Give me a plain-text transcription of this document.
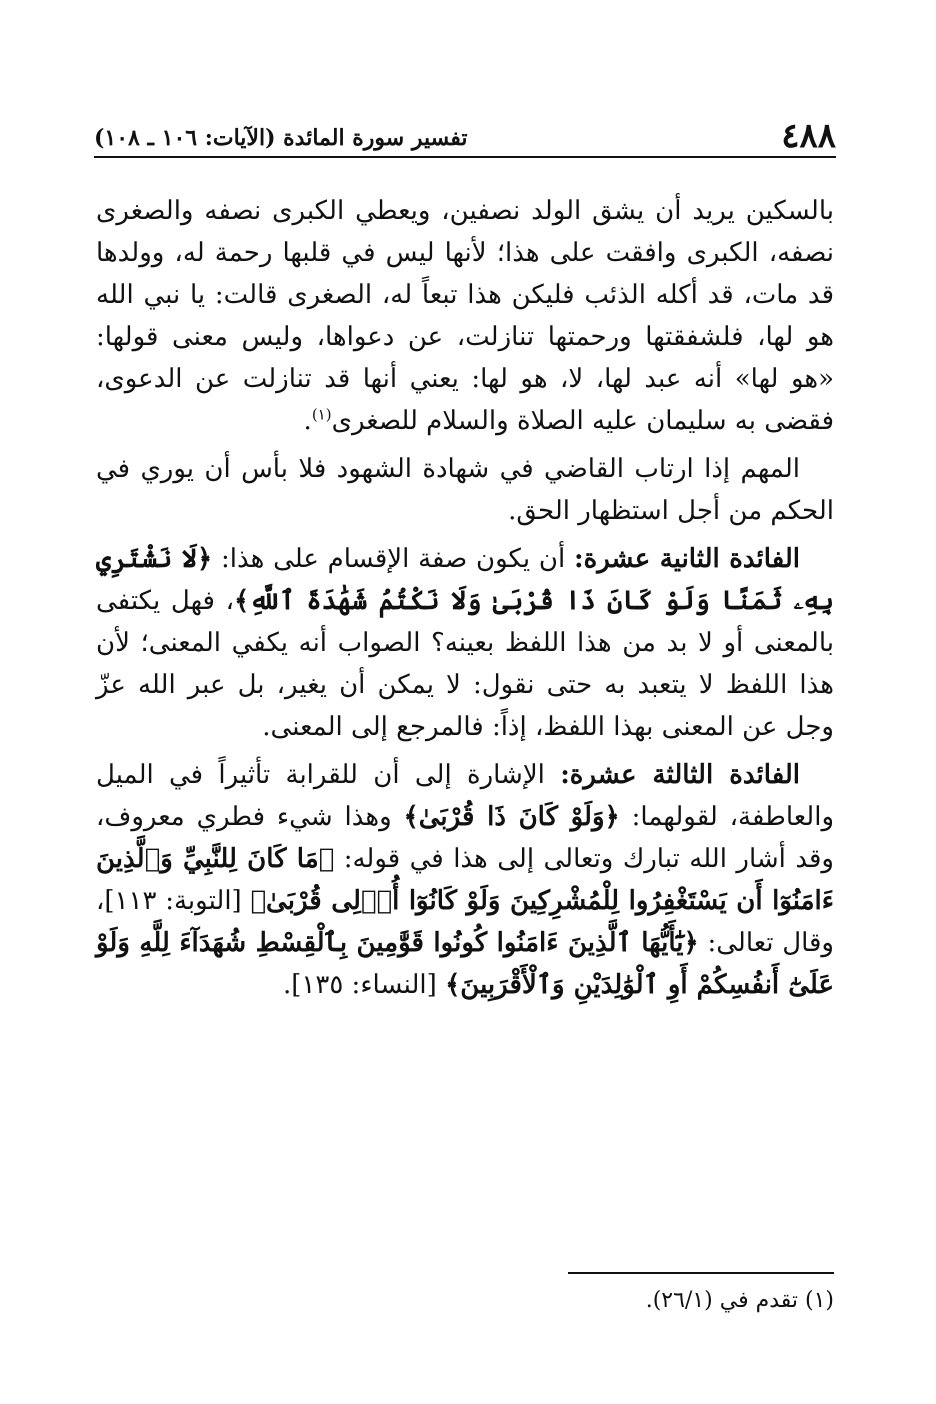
٤٨٨
تفسير سورة المائدة (الآيات: ١٠٦ ـ ١٠٨)

بالسكين يريد أن يشق الولد نصفين، ويعطي الكبرى نصفه والصغرى نصفه، الكبرى وافقت على هذا؛ لأنها ليس في قلبها رحمة له، وولدها قد مات، قد أكله الذئب فليكن هذا تبعاً له، الصغرى قالت: يا نبي الله هو لها، فلشفقتها ورحمتها تنازلت، عن دعواها، وليس معنى قولها: «هو لها» أنه عبد لها، لا، هو لها: يعني أنها قد تنازلت عن الدعوى، فقضى به سليمان عليه الصلاة والسلام للصغرى$^{(١)}$.

المهم إذا ارتاب القاضي في شهادة الشهود فلا بأس أن يوري في الحكم من أجل استظهار الحق.

الفائدة الثانية عشرة: أن يكون صفة الإقسام على هذا: ﴿لَا نَشْتَرِي بِهِۦ ثَمَنًا وَلَوْ كَانَ ذَا قُرْبَىٰ وَلَا نَكْتُمُ شَهَٰدَةَ ٱللَّهِ﴾، فهل يكتفى بالمعنى أو لا بد من هذا اللفظ بعينه؟ الصواب أنه يكفي المعنى؛ لأن هذا اللفظ لا يتعبد به حتى نقول: لا يمكن أن يغير، بل عبر الله عزّ وجل عن المعنى بهذا اللفظ، إذاً: فالمرجع إلى المعنى.

الفائدة الثالثة عشرة: الإشارة إلى أن للقرابة تأثيراً في الميل والعاطفة، لقولهما: ﴿وَلَوْ كَانَ ذَا قُرْبَىٰ﴾ وهذا شيء فطري معروف، وقد أشار الله تبارك وتعالى إلى هذا في قوله: ﴿مَا كَانَ لِلنَّبِيِّ وَٱلَّذِينَ ءَامَنُوٓا أَن يَسْتَغْفِرُوا لِلْمُشْرِكِينَ وَلَوْ كَانُوٓا أُو۟لِى قُرْبَىٰ﴾ [التوبة: ١١٣]، وقال تعالى: ﴿يَٰٓأَيُّهَا ٱلَّذِينَ ءَامَنُوا كُونُوا قَوَّٰمِينَ بِٱلْقِسْطِ شُهَدَآءَ لِلَّهِ وَلَوْ عَلَىٰٓ أَنفُسِكُمْ أَوِ ٱلْوَٰلِدَيْنِ وَٱلْأَقْرَبِينَ﴾ [النساء: ١٣٥].

(١) تقدم في (٢٦/١).
